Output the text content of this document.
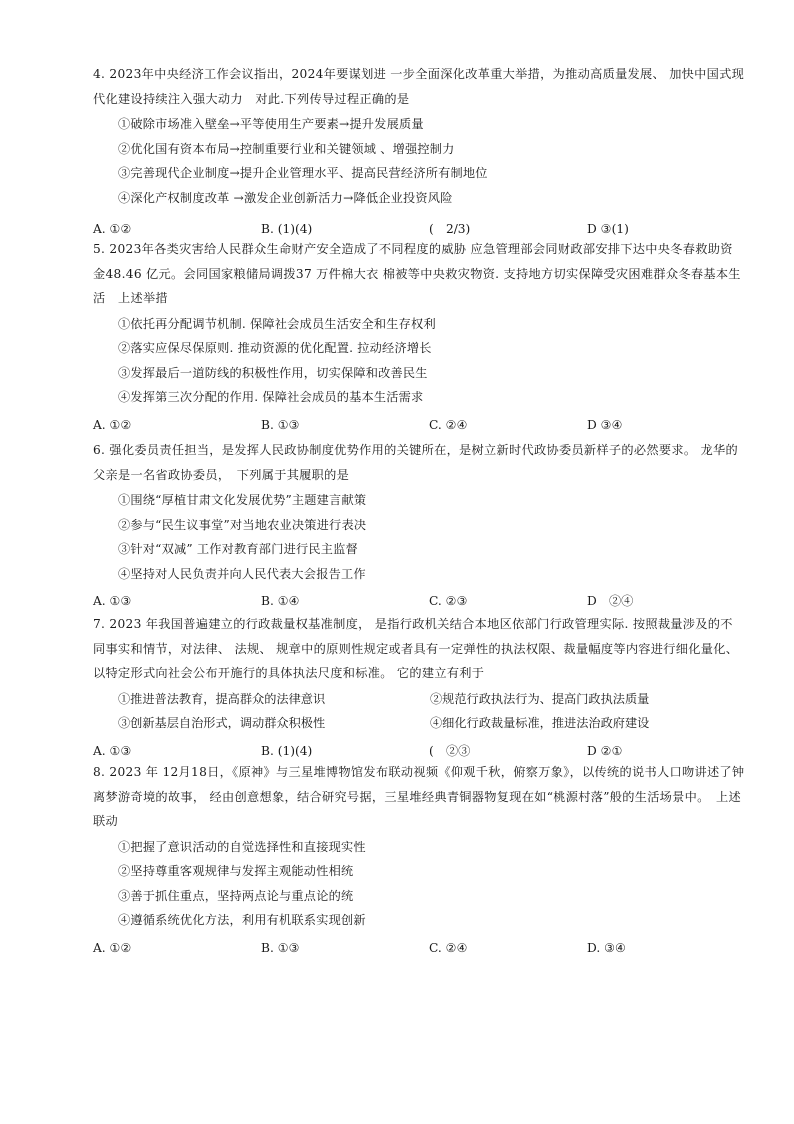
4. 2023年中央经济工作会议指出，2024年要谋划进 一步全面深化改革重大举措，为推动高质量发展、 加快中国式现代化建设持续注入强大动力　对此.下列传导过程正确的是
①破除市场准入壁垒→平等使用生产要素→提升发展质量
②优化国有资本布局→控制重要行业和关键领域 、增强控制力
③完善现代企业制度→提升企业管理水平、提高民营经济所有制地位
④深化产权制度改革 →激发企业创新活力→降低企业投资风险
A. ①②	B. (1)(4)	(　2/3)	D ③(1)
5. 2023年各类灾害给人民群众生命财产安全造成了不同程度的威胁 应急管理部会同财政部安排下达中央冬春救助资金48.46 亿元。会同国家粮储局调拨37 万件棉大衣 棉被等中央救灾物资. 支持地方切实保障受灾困难群众冬春基本生活　上述举措
①依托再分配调节机制. 保障社会成员生活安全和生存权利
②落实应保尽保原则. 推动资源的优化配置. 拉动经济增长
③发挥最后一道防线的积极性作用，切实保障和改善民生
④发挥第三次分配的作用. 保障社会成员的基本生活需求
A. ①②	B. ①③	C. ②④	D ③④
6. 强化委员责任担当，是发挥人民政协制度优势作用的关键所在，是树立新时代政协委员新样子的必然要求。 龙华的父亲是一名省政协委员，　下列属于其履职的是
①围绕“厚植甘肃文化发展优势”主题建言献策
②参与“民生议事堂”对当地农业决策进行表决
③针对“双减” 工作对教育部门进行民主监督
④坚持对人民负责并向人民代表大会报告工作
A. ①③	B. ①④	C. ②③	D　②④
7. 2023 年我国普遍建立的行政裁量权基准制度， 是指行政机关结合本地区依部门行政管理实际. 按照裁量涉及的不同事实和情节，对法律、 法规、 规章中的原则性规定或者具有一定弹性的执法权限、裁量幅度等内容进行细化量化、 以特定形式向社会公布开施行的具体执法尺度和标准。 它的建立有利于
①推进普法教育，提高群众的法律意识	②规范行政执法行为、提高门政执法质量
③创新基层自治形式，调动群众积极性	④细化行政裁量标准，推进法治政府建设
A. ①③	B. (1)(4)	(　②③	D ②①
8. 2023 年 12月18日，《原神》与三星堆博物馆发布联动视频《仰观千秋，俯察万象》，以传统的说书人口吻讲述了钟离梦游奇境的故事， 经由创意想象，结合研究号据，三星堆经典青铜器物复现在如“桃源村落”般的生活场景中。　上述联动
①把握了意识活动的自觉选择性和直接现实性
②坚持尊重客观规律与发挥主观能动性相统
③善于抓住重点，坚持两点论与重点论的统
④遵循系统优化方法，利用有机联系实现创新
A. ①②	B. ①③	C. ②④	D. ③④
